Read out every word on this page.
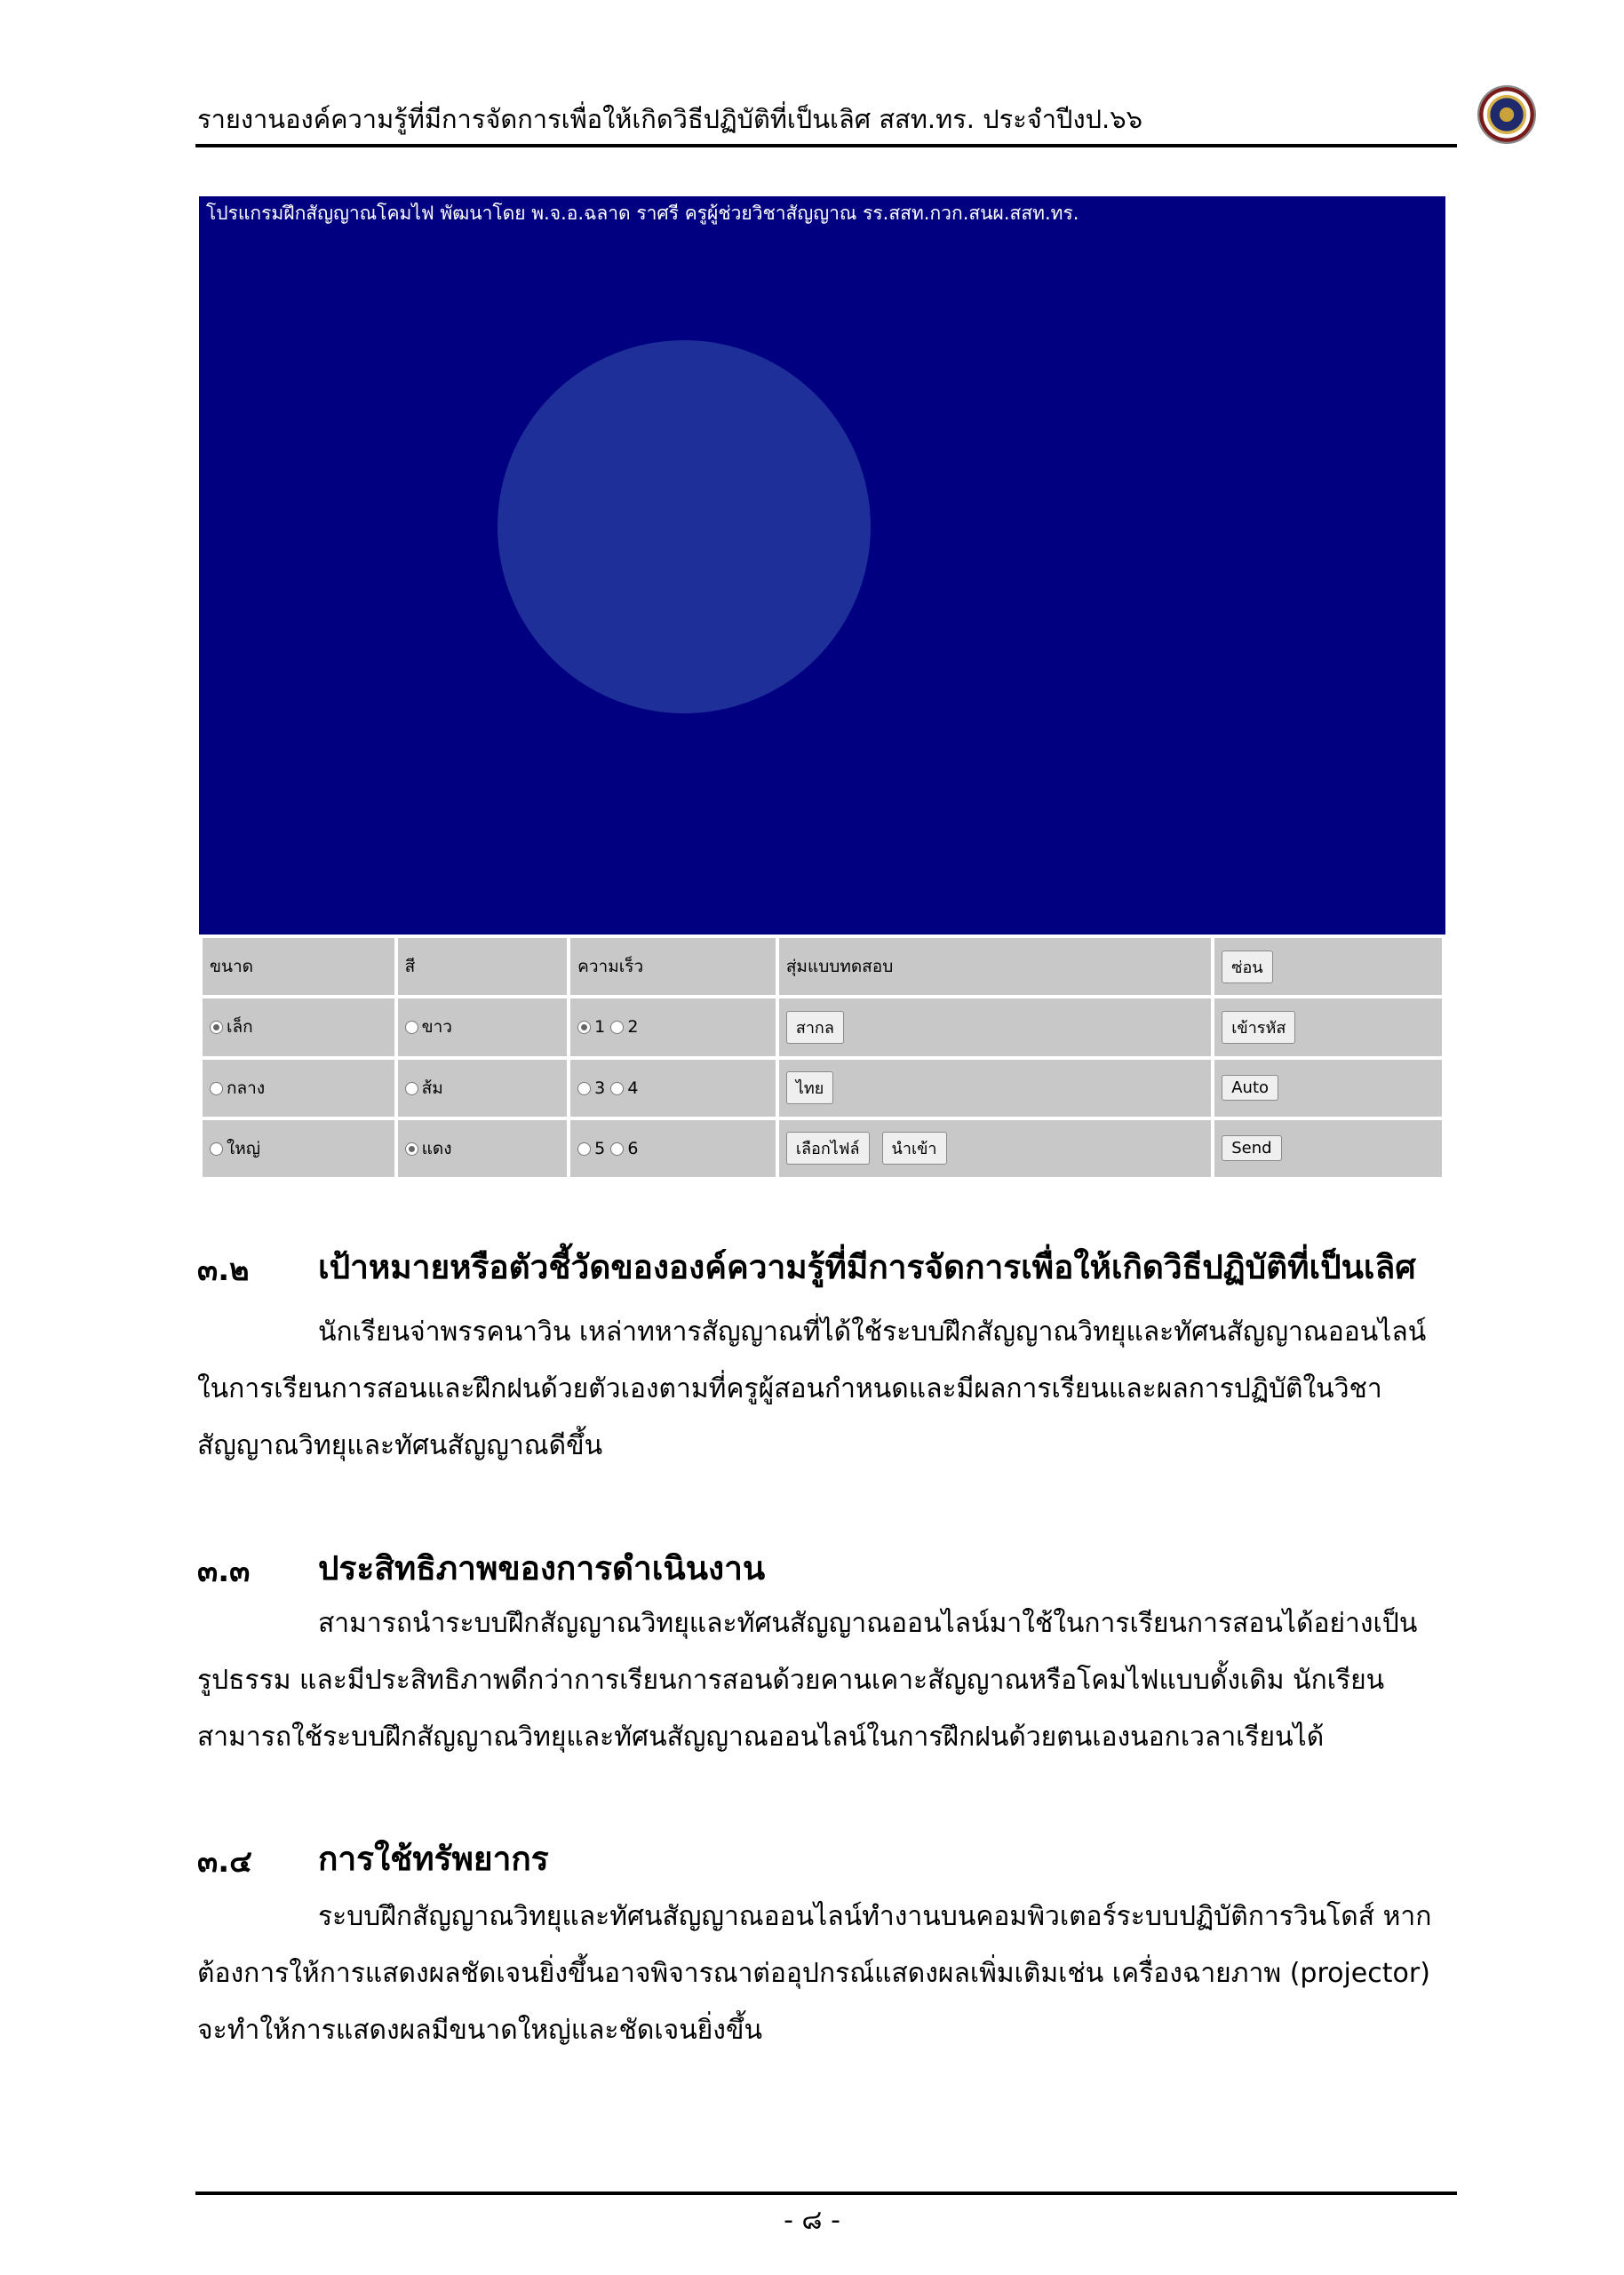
รายงานองค์ความรู้ที่มีการจัดการเพื่อให้เกิดวิธีปฏิบัติที่เป็นเลิศ สสท.ทร. ประจำปีงป.๖๖
โปรแกรมฝึกสัญญาณโคมไฟ พัฒนาโดย พ.จ.อ.ฉลาด ราศรี ครูผู้ช่วยวิชาสัญญาณ รร.สสท.กวก.สนผ.สสท.ทร.
ขนาด	สี	ความเร็ว	สุ่มแบบทดสอบ	ซ่อน
เล็ก	ขาว	1 2	สากล	เข้ารหัส
กลาง	ส้ม	3 4	ไทย	Auto
ใหญ่	แดง	5 6	เลือกไฟล์ นำเข้า	Send
๓.๒ เป้าหมายหรือตัวชี้วัดขององค์ความรู้ที่มีการจัดการเพื่อให้เกิดวิธีปฏิบัติที่เป็นเลิศ
นักเรียนจ่าพรรคนาวิน เหล่าทหารสัญญาณที่ได้ใช้ระบบฝึกสัญญาณวิทยุและทัศนสัญญาณออนไลน์
ในการเรียนการสอนและฝึกฝนด้วยตัวเองตามที่ครูผู้สอนกำหนดและมีผลการเรียนและผลการปฏิบัติในวิชา
สัญญาณวิทยุและทัศนสัญญาณดีขึ้น
๓.๓ ประสิทธิภาพของการดำเนินงาน
สามารถนำระบบฝึกสัญญาณวิทยุและทัศนสัญญาณออนไลน์มาใช้ในการเรียนการสอนได้อย่างเป็น
รูปธรรม และมีประสิทธิภาพดีกว่าการเรียนการสอนด้วยคานเคาะสัญญาณหรือโคมไฟแบบดั้งเดิม นักเรียน
สามารถใช้ระบบฝึกสัญญาณวิทยุและทัศนสัญญาณออนไลน์ในการฝึกฝนด้วยตนเองนอกเวลาเรียนได้
๓.๔ การใช้ทรัพยากร
ระบบฝึกสัญญาณวิทยุและทัศนสัญญาณออนไลน์ทำงานบนคอมพิวเตอร์ระบบปฏิบัติการวินโดส์ หาก
ต้องการให้การแสดงผลชัดเจนยิ่งขึ้นอาจพิจารณาต่ออุปกรณ์แสดงผลเพิ่มเติมเช่น เครื่องฉายภาพ (projector)
จะทำให้การแสดงผลมีขนาดใหญ่และชัดเจนยิ่งขึ้น
- ๘ -
